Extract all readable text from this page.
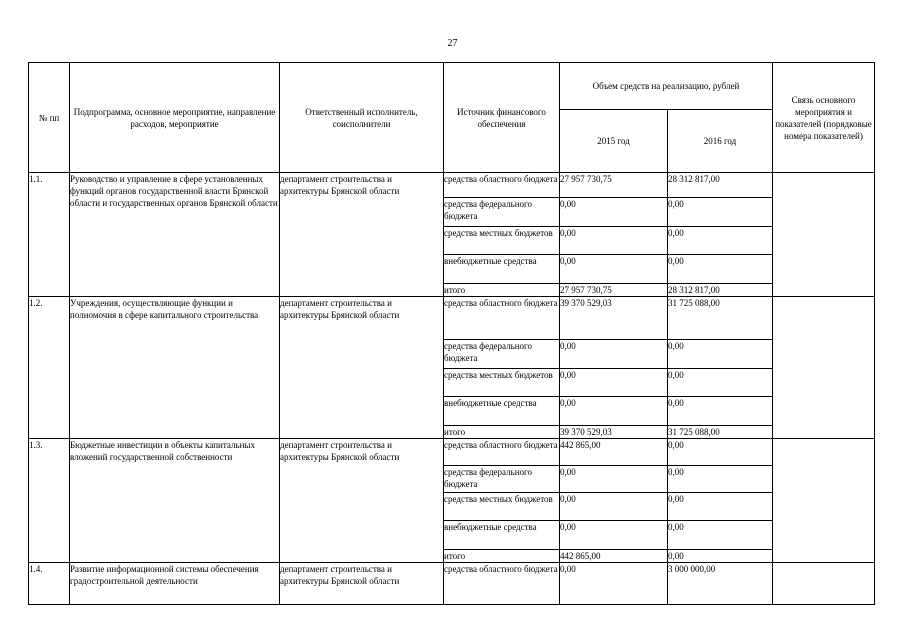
27
№ пп	Подпрограмма, основное мероприятие, направление расходов, мероприятие	Ответственный исполнитель, соисполнители	Источник финансового обеспечения	Объем средств на реализацию, рублей		Связь основного мероприятия и показателей (порядковые номера показателей)
				2015 год	2016 год	
1.1.	Руководство и управление в сфере установленных функций органов государственной власти Брянской области и государственных органов Брянской области	департамент строительства и архитектуры Брянской области	средства областного бюджета	27 957 730,75	28 312 817,00	
			средства федерального бюджета	0,00	0,00	
			средства местных бюджетов	0,00	0,00	
			внебюджетные средства	0,00	0,00	
			итого	27 957 730,75	28 312 817,00	
1.2.	Учреждения, осуществляющие функции и полномочия в сфере капитального строительства	департамент строительства и архитектуры Брянской области	средства областного бюджета	39 370 529,03	31 725 088,00	
			средства федерального бюджета	0,00	0,00	
			средства местных бюджетов	0,00	0,00	
			внебюджетные средства	0,00	0,00	
			итого	39 370 529,03	31 725 088,00	
1.3.	Бюджетные инвестиции в объекты капитальных вложений государственной собственности	департамент строительства и архитектуры Брянской области	средства областного бюджета	442 865,00	0,00	
			средства федерального бюджета	0,00	0,00	
			средства местных бюджетов	0,00	0,00	
			внебюджетные средства	0,00	0,00	
			итого	442 865,00	0,00	
1.4.	Развитие информационной системы обеспечения градостроительной деятельности	департамент строительства и архитектуры Брянской области	средства областного бюджета	0,00	3 000 000,00	
